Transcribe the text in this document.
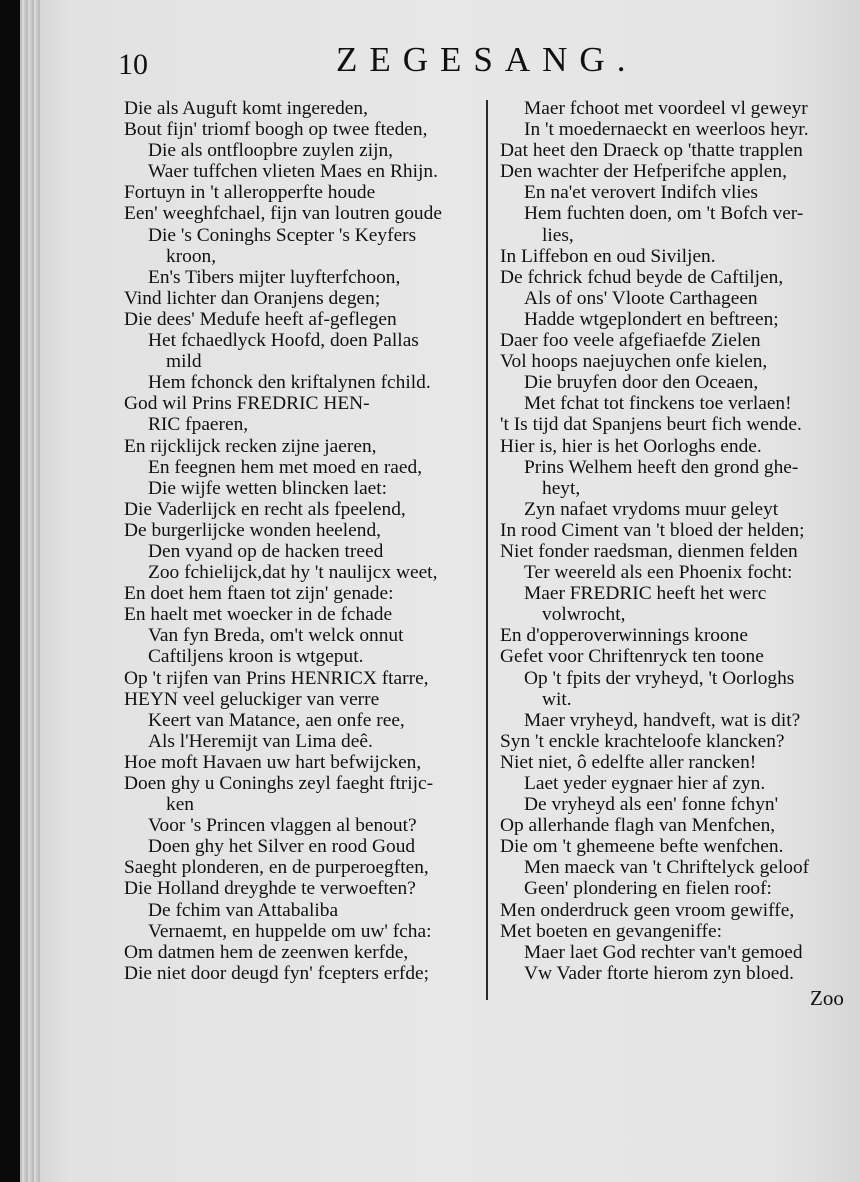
10	ZEGESANG.
Die als Auguft komt ingereden,
Bout fijn' triomf boogh op twee fteden,
Die als ontfloopbre zuylen zijn,
Waer tuffchen vlieten Maes en Rhijn.
Fortuyn in 't alleropperfte houde
Een' weeghfchael, fijn van loutren goude
Die 's Coninghs Scepter 's Keyfers
kroon,
En's Tibers mijter luyfterfchoon,
Vind lichter dan Oranjens degen;
Die dees' Medufe heeft af-geflegen
Het fchaedlyck Hoofd, doen Pallas
mild
Hem fchonck den kriftalynen fchild.
God wil Prins FREDRIC HEN-
RIC fpaeren,
En rijcklijck recken zijne jaeren,
En feegnen hem met moed en raed,
Die wijfe wetten blincken laet:
Die Vaderlijck en recht als fpeelend,
De burgerlijcke wonden heelend,
Den vyand op de hacken treed
Zoo fchielijck,dat hy 't naulijcx weet,
En doet hem ftaen tot zijn' genade:
En haelt met woecker in de fchade
Van fyn Breda, om't welck onnut
Caftiljens kroon is wtgeput.
Op 't rijfen van Prins HENRICX ftarre,
HEYN veel geluckiger van verre
Keert van Matance, aen onfe ree,
Als l'Heremijt van Lima deê.
Hoe moft Havaen uw hart befwijcken,
Doen ghy u Coninghs zeyl faeght ftrijc-
ken
Voor 's Princen vlaggen al benout?
Doen ghy het Silver en rood Goud
Saeght plonderen, en de purperoegften,
Die Holland dreyghde te verwoeften?
De fchim van Attabaliba
Vernaemt, en huppelde om uw' fcha:
Om datmen hem de zeenwen kerfde,
Die niet door deugd fyn' fcepters erfde;
Maer fchoot met voordeel vl geweyr
In 't moedernaeckt en weerloos heyr.
Dat heet den Draeck op 'thatte trapplen
Den wachter der Hefperifche applen,
En na'et verovert Indifch vlies
Hem fuchten doen, om 't Bofch ver-
lies,
In Liffebon en oud Siviljen.
De fchrick fchud beyde de Caftiljen,
Als of ons' Vloote Carthageen
Hadde wtgeplondert en beftreen;
Daer foo veele afgefiaefde Zielen
Vol hoops naejuychen onfe kielen,
Die bruyfen door den Oceaen,
Met fchat tot finckens toe verlaen!
't Is tijd dat Spanjens beurt fich wende.
Hier is, hier is het Oorloghs ende.
Prins Welhem heeft den grond ghe-
heyt,
Zyn nafaet vrydoms muur geleyt
In rood Ciment van 't bloed der helden;
Niet fonder raedsman, dienmen felden
Ter weereld als een Phoenix focht:
Maer FREDRIC heeft het werc
volwrocht,
En d'opperoverwinnings kroone
Gefet voor Chriftenryck ten toone
Op 't fpits der vryheyd, 't Oorloghs
wit.
Maer vryheyd, handveft, wat is dit?
Syn 't enckle krachteloofe klancken?
Niet niet, ô edelfte aller rancken!
Laet yeder eygnaer hier af zyn.
De vryheyd als een' fonne fchyn'
Op allerhande flagh van Menfchen,
Die om 't ghemeene befte wenfchen.
Men maeck van 't Chriftelyck geloof
Geen' plondering en fielen roof:
Men onderdruck geen vroom gewiffe,
Met boeten en gevangeniffe:
Maer laet God rechter van't gemoed
Vw Vader ftorte hierom zyn bloed.
Zoo
